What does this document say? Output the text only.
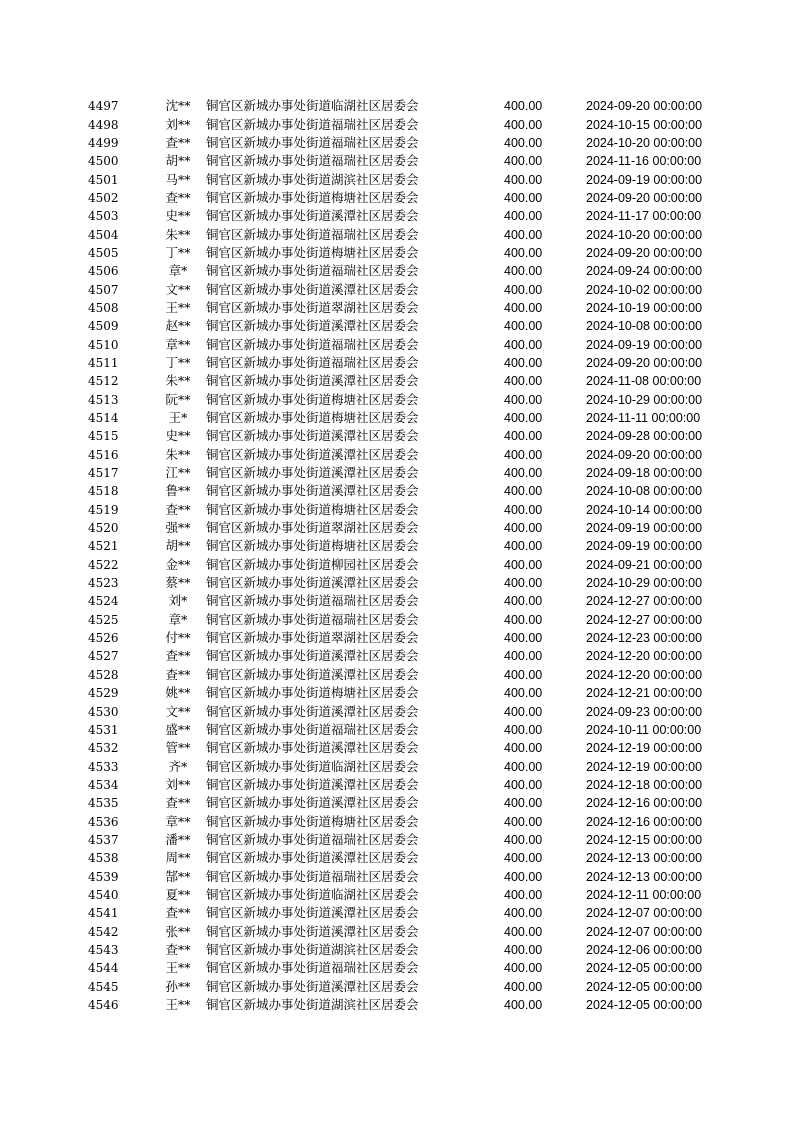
4497	沈**	铜官区新城办事处街道临湖社区居委会	400.00	2024-09-20 00:00:00
4498	刘**	铜官区新城办事处街道福瑞社区居委会	400.00	2024-10-15 00:00:00
4499	查**	铜官区新城办事处街道福瑞社区居委会	400.00	2024-10-20 00:00:00
4500	胡**	铜官区新城办事处街道福瑞社区居委会	400.00	2024-11-16 00:00:00
4501	马**	铜官区新城办事处街道湖滨社区居委会	400.00	2024-09-19 00:00:00
4502	查**	铜官区新城办事处街道梅塘社区居委会	400.00	2024-09-20 00:00:00
4503	史**	铜官区新城办事处街道溪潭社区居委会	400.00	2024-11-17 00:00:00
4504	朱**	铜官区新城办事处街道福瑞社区居委会	400.00	2024-10-20 00:00:00
4505	丁**	铜官区新城办事处街道梅塘社区居委会	400.00	2024-09-20 00:00:00
4506	章*	铜官区新城办事处街道福瑞社区居委会	400.00	2024-09-24 00:00:00
4507	文**	铜官区新城办事处街道溪潭社区居委会	400.00	2024-10-02 00:00:00
4508	王**	铜官区新城办事处街道翠湖社区居委会	400.00	2024-10-19 00:00:00
4509	赵**	铜官区新城办事处街道溪潭社区居委会	400.00	2024-10-08 00:00:00
4510	章**	铜官区新城办事处街道福瑞社区居委会	400.00	2024-09-19 00:00:00
4511	丁**	铜官区新城办事处街道福瑞社区居委会	400.00	2024-09-20 00:00:00
4512	朱**	铜官区新城办事处街道溪潭社区居委会	400.00	2024-11-08 00:00:00
4513	阮**	铜官区新城办事处街道梅塘社区居委会	400.00	2024-10-29 00:00:00
4514	王*	铜官区新城办事处街道梅塘社区居委会	400.00	2024-11-11 00:00:00
4515	史**	铜官区新城办事处街道溪潭社区居委会	400.00	2024-09-28 00:00:00
4516	朱**	铜官区新城办事处街道溪潭社区居委会	400.00	2024-09-20 00:00:00
4517	江**	铜官区新城办事处街道溪潭社区居委会	400.00	2024-09-18 00:00:00
4518	鲁**	铜官区新城办事处街道溪潭社区居委会	400.00	2024-10-08 00:00:00
4519	查**	铜官区新城办事处街道梅塘社区居委会	400.00	2024-10-14 00:00:00
4520	强**	铜官区新城办事处街道翠湖社区居委会	400.00	2024-09-19 00:00:00
4521	胡**	铜官区新城办事处街道梅塘社区居委会	400.00	2024-09-19 00:00:00
4522	金**	铜官区新城办事处街道柳园社区居委会	400.00	2024-09-21 00:00:00
4523	蔡**	铜官区新城办事处街道溪潭社区居委会	400.00	2024-10-29 00:00:00
4524	刘*	铜官区新城办事处街道福瑞社区居委会	400.00	2024-12-27 00:00:00
4525	章*	铜官区新城办事处街道福瑞社区居委会	400.00	2024-12-27 00:00:00
4526	付**	铜官区新城办事处街道翠湖社区居委会	400.00	2024-12-23 00:00:00
4527	查**	铜官区新城办事处街道溪潭社区居委会	400.00	2024-12-20 00:00:00
4528	查**	铜官区新城办事处街道溪潭社区居委会	400.00	2024-12-20 00:00:00
4529	姚**	铜官区新城办事处街道梅塘社区居委会	400.00	2024-12-21 00:00:00
4530	文**	铜官区新城办事处街道溪潭社区居委会	400.00	2024-09-23 00:00:00
4531	盛**	铜官区新城办事处街道福瑞社区居委会	400.00	2024-10-11 00:00:00
4532	管**	铜官区新城办事处街道溪潭社区居委会	400.00	2024-12-19 00:00:00
4533	齐*	铜官区新城办事处街道临湖社区居委会	400.00	2024-12-19 00:00:00
4534	刘**	铜官区新城办事处街道溪潭社区居委会	400.00	2024-12-18 00:00:00
4535	查**	铜官区新城办事处街道溪潭社区居委会	400.00	2024-12-16 00:00:00
4536	章**	铜官区新城办事处街道梅塘社区居委会	400.00	2024-12-16 00:00:00
4537	潘**	铜官区新城办事处街道福瑞社区居委会	400.00	2024-12-15 00:00:00
4538	周**	铜官区新城办事处街道溪潭社区居委会	400.00	2024-12-13 00:00:00
4539	郜**	铜官区新城办事处街道福瑞社区居委会	400.00	2024-12-13 00:00:00
4540	夏**	铜官区新城办事处街道临湖社区居委会	400.00	2024-12-11 00:00:00
4541	查**	铜官区新城办事处街道溪潭社区居委会	400.00	2024-12-07 00:00:00
4542	张**	铜官区新城办事处街道溪潭社区居委会	400.00	2024-12-07 00:00:00
4543	查**	铜官区新城办事处街道湖滨社区居委会	400.00	2024-12-06 00:00:00
4544	王**	铜官区新城办事处街道福瑞社区居委会	400.00	2024-12-05 00:00:00
4545	孙**	铜官区新城办事处街道溪潭社区居委会	400.00	2024-12-05 00:00:00
4546	王**	铜官区新城办事处街道湖滨社区居委会	400.00	2024-12-05 00:00:00
